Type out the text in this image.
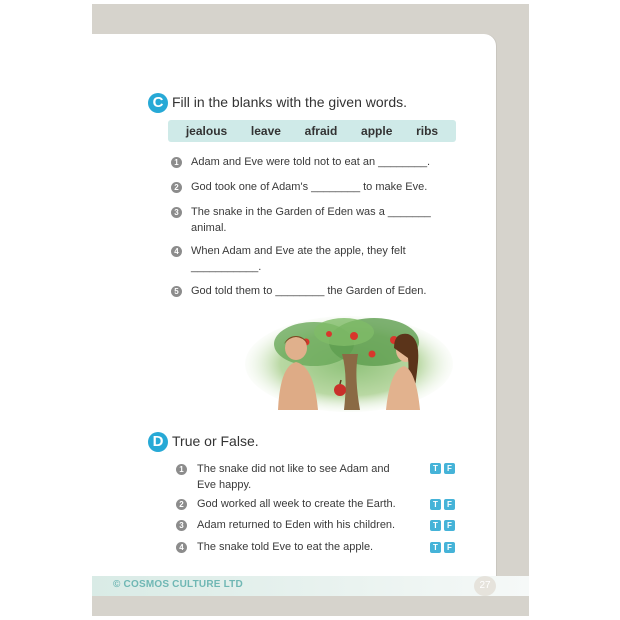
C Fill in the blanks with the given words.
jealous leave afraid apple ribs
1 Adam and Eve were told not to eat an ________.
2 God took one of Adam's ________ to make Eve.
3 The snake in the Garden of Eden was a _______
animal.
4 When Adam and Eve ate the apple, they felt
___________.
5 God told them to ________ the Garden of Eden.
D True or False.
1 The snake did not like to see Adam and
Eve happy.
T	F
2 God worked all week to create the Earth.	T	F
3 Adam returned to Eden with his children.	T	F
4 The snake told Eve to eat the apple.	T	F
© COSMOS CULTURE LTD	27
